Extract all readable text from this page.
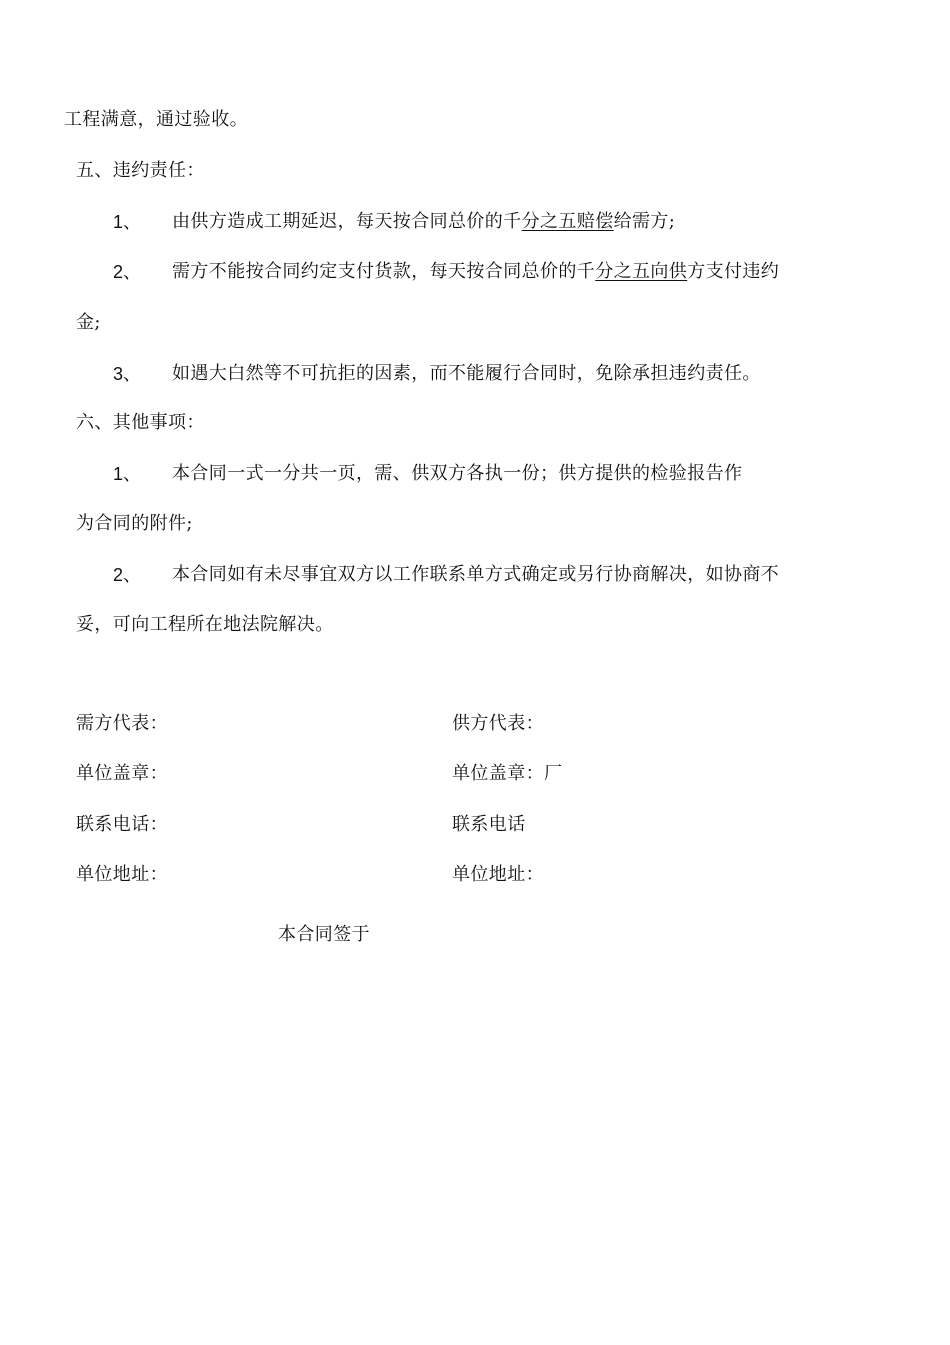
工程满意，通过验收。
五、违约责任：
1、 由供方造成工期延迟，每天按合同总价的千分之五赔偿给需方;
2、 需方不能按合同约定支付货款，每天按合同总价的千分之五向供方支付违约
金;
3、 如遇大白然等不可抗拒的因素，而不能履行合同时，免除承担违约责任。
六、其他事项：
1、 本合同一式一分共一页，需、供双方各执一份；供方提供的检验报告作
为合同的附件;
2、 本合同如有未尽事宜双方以工作联系单方式确定或另行协商解决，如协商不
妥，可向工程所在地法院解决。
需方代表：
单位盖章：
联系电话：
单位地址：
供方代表：
单位盖章：厂
联系电话
单位地址：
本合同签于
